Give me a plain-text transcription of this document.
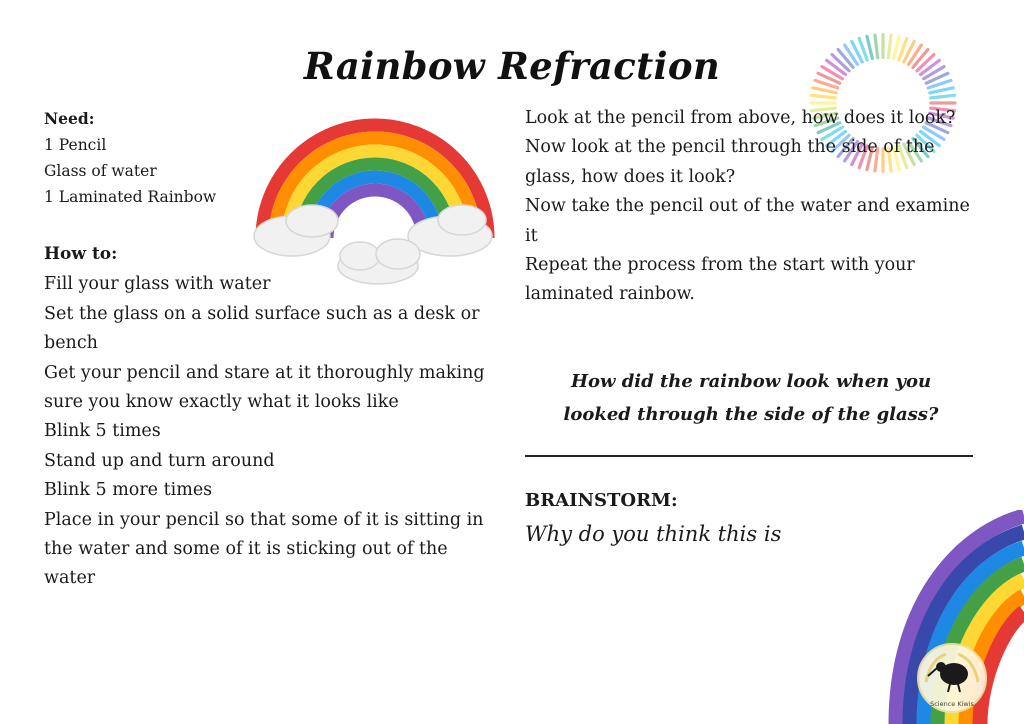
Rainbow Refraction
Need:
1 Pencil
Glass of water
1 Laminated Rainbow
How to:

Fill your glass with water

Set the glass on a solid surface such as a desk or bench

Get your pencil and stare at it thoroughly making sure you know exactly what it looks like

Blink 5 times

Stand up and turn around

Blink 5 more times

Place in your pencil so that some of it is sitting in the water and some of it is sticking out of the water

Look at the pencil from above, how does it look?

Now look at the pencil through the side of the glass, how does it look?

Now take the pencil out of the water and examine it

Repeat the process from the start with your laminated rainbow.

How did the rainbow look when you
looked through the side of the glass?
BRAINSTORM:
Why do you think this is
Science Kiwis
